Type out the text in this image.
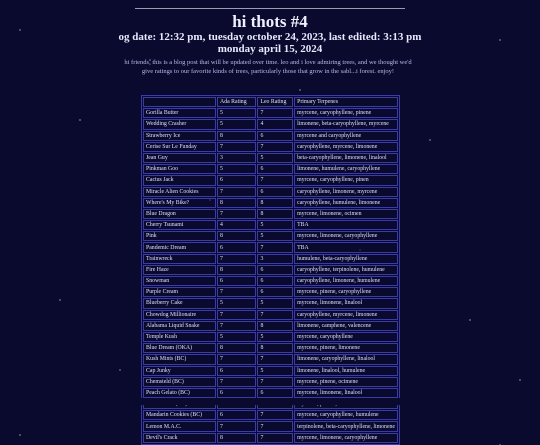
hi thots #4
og date: 12:32 pm, tuesday october 24, 2023, last edited: 3:13 pm
monday april 15, 2024
hi friends, this is a blog post that will be updated over time. leo and i love admiring trees, and we thought we'd give ratings to our favorite kinds of trees, particularly those that grow in the sabl...i forest. enjoy!
	Ada Rating	Leo Rating	Primary Terpenes
Gorilla Butter	5	7	myrcene, caryophyllene, pinene
Wedding Crasher	5	4	limonene, beta-caryophyllene, myrcene
Strawberry Ice	8	6	myrcene and caryophyllene
Cerise Sur Le Funday	7	7	caryophyllene, myrcene, limonene
Jean Guy	3	5	beta-caryophyllene, limonene, linalool
Pinkman Goo	5	6	limonene, humulene, caryophyllene
Cactus Jack	6	7	myrcene, caryophyllene, pinen
Miracle Alien Cookies	7	6	caryophyllene, limonene, myrcene
Where's My Bike?	8	8	caryophyllene, humulene, limonene
Blue Dragon	7	8	myrcene, limonene, ocimen
Cherry Tsunami	4	5	TBA
Pink	8	5	myrcene, limonene, caryophyllene
Pandemic Dream	6	7	TBA
Trainwreck	7	3	humulene, beta-caryophyllene
Fire Haze	8	6	caryophyllene, terpinolene, humulene
Snowman	6	6	caryophyllene, limonene, humulene
Purple Cream	7	6	myrcene, pinene, caryophyllene
Blueberry Cake	5	5	myrcene, limonene, linalool
Chowdog Millionaire	7	7	caryophyllene, myrcene, limonene
Alabama Liquid Snake	7	8	limonene, camphene, valencene
Temple Kush	5	5	myrcene, caryophyllene
Blue Dream (OKA)	8	8	myrcene, pinene, limonene
Kush Mints (BC)	7	7	limonene, caryophyllene, linalool
Cap Junky	6	5	limonene, linalool, humulene
Chemsteld (BC)	7	7	myrcene, pinene, ocimene
Peach Gelato (BC)	6	6	myrcene, limonene, linalool

Mandarin Cookies (BC)	6	7	myrcene, caryophyllene, humulene
Lemon M.A.C.	7	7	terpinolene, beta-caryophyllene, limonene
Devil's Crack	8	7	myrcene, limonene, caryophyllene
